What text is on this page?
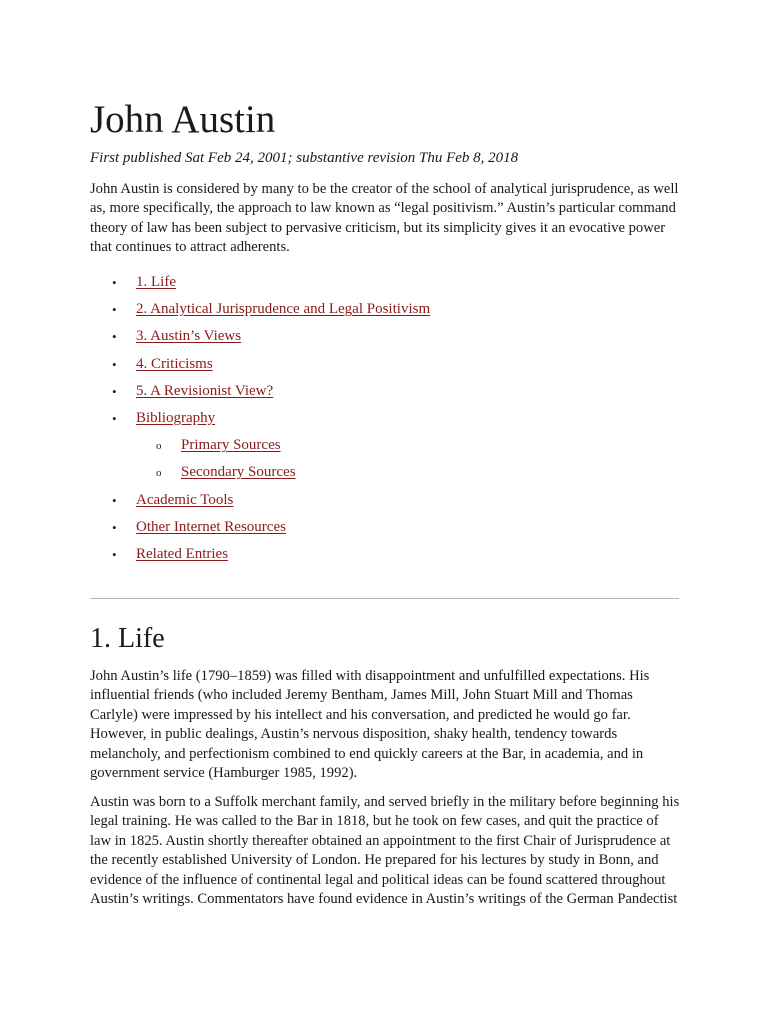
John Austin

First published Sat Feb 24, 2001; substantive revision Thu Feb 8, 2018

John Austin is considered by many to be the creator of the school of analytical jurisprudence, as well as, more specifically, the approach to law known as “legal positivism.” Austin’s particular command theory of law has been subject to pervasive criticism, but its simplicity gives it an evocative power that continues to attract adherents.

• 1. Life
• 2. Analytical Jurisprudence and Legal Positivism
• 3. Austin’s Views
• 4. Criticisms
• 5. A Revisionist View?
• Bibliography
o Primary Sources
o Secondary Sources
• Academic Tools
• Other Internet Resources
• Related Entries
1. Life

John Austin’s life (1790–1859) was filled with disappointment and unfulfilled expectations. His influential friends (who included Jeremy Bentham, James Mill, John Stuart Mill and Thomas Carlyle) were impressed by his intellect and his conversation, and predicted he would go far. However, in public dealings, Austin’s nervous disposition, shaky health, tendency towards melancholy, and perfectionism combined to end quickly careers at the Bar, in academia, and in government service (Hamburger 1985, 1992).

Austin was born to a Suffolk merchant family, and served briefly in the military before beginning his legal training. He was called to the Bar in 1818, but he took on few cases, and quit the practice of law in 1825. Austin shortly thereafter obtained an appointment to the first Chair of Jurisprudence at the recently established University of London. He prepared for his lectures by study in Bonn, and evidence of the influence of continental legal and political ideas can be found scattered throughout Austin’s writings. Commentators have found evidence in Austin’s writings of the German Pandectist
